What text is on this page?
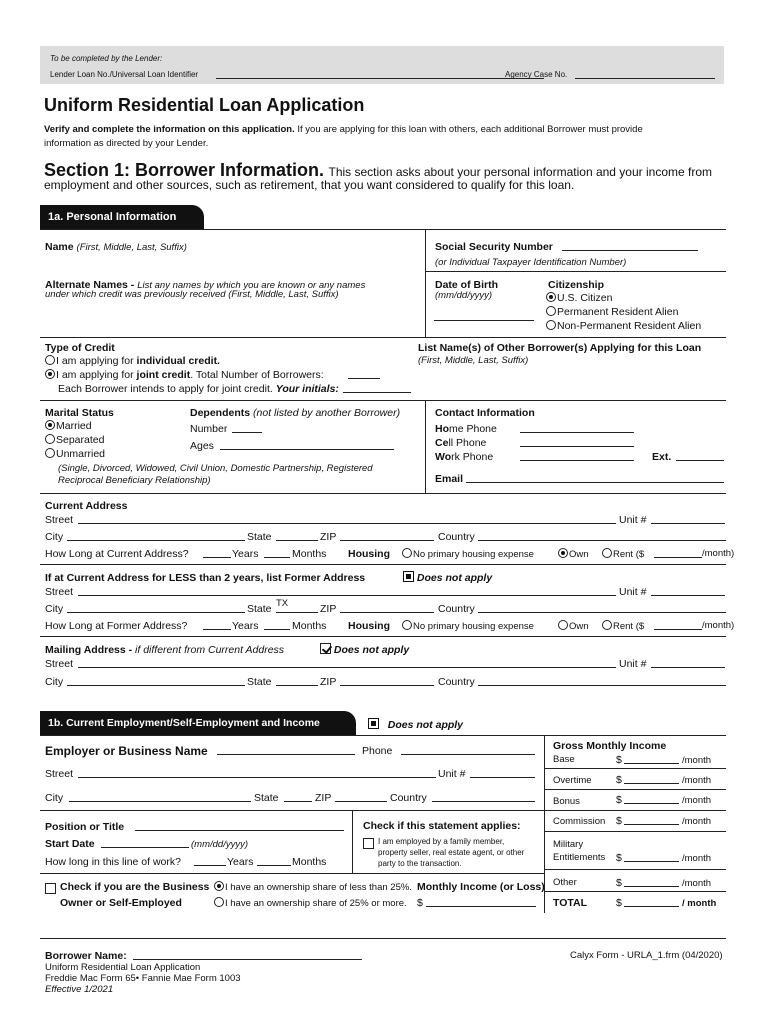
To be completed by the Lender:
Lender Loan No./Universal Loan Identifier	Agency Case No.
Uniform Residential Loan Application
Verify and complete the information on this application. If you are applying for this loan with others, each additional Borrower must provide
information as directed by your Lender.
Section 1: Borrower Information. This section asks about your personal information and your income from
employment and other sources, such as retirement, that you want considered to qualify for this loan.
1a. Personal Information
Name (First, Middle, Last, Suffix)	Social Security Number
(or Individual Taxpayer Identification Number)
Alternate Names - List any names by which you are known or any names
under which credit was previously received (First, Middle, Last, Suffix)
Date of Birth
(mm/dd/yyyy)
Citizenship
U.S. Citizen
Permanent Resident Alien
Non-Permanent Resident Alien
Type of Credit
I am applying for individual credit.
I am applying for joint credit. Total Number of Borrowers:
Each Borrower intends to apply for joint credit. Your initials:
List Name(s) of Other Borrower(s) Applying for this Loan
(First, Middle, Last, Suffix)
Marital Status
Married
Separated
Unmarried
(Single, Divorced, Widowed, Civil Union, Domestic Partnership, Registered
Reciprocal Beneficiary Relationship)
Dependents (not listed by another Borrower)
Number
Ages
Contact Information
Home Phone
Cell Phone
Work Phone	Ext.
Email
Current Address
Street	Unit #
City	State	ZIP	Country
How Long at Current Address?	Years	Months Housing	No primary housing expense	Own	Rent ($	/month)
If at Current Address for LESS than 2 years, list Former Address	Does not apply
Street	Unit #
City	State TX	ZIP	Country
How Long at Former Address?	Years	Months Housing	No primary housing expense	Own	Rent ($	/month)
Mailing Address - if different from Current Address	Does not apply
Street	Unit #
City	State	ZIP	Country
1b. Current Employment/Self-Employment and Income	Does not apply
Employer or Business Name	Phone
Street	Unit #
City	State	ZIP	Country
Position or Title
Start Date	(mm/dd/yyyy)
How long in this line of work?	Years	Months
Check if this statement applies:
I am employed by a family member,
property seller, real estate agent, or other
party to the transaction.
Check if you are the Business
Owner or Self-Employed
I have an ownership share of less than 25%. Monthly Income (or Loss)
I have an ownership share of 25% or more. $
Gross Monthly Income
Base	$	/month
Overtime $	/month
Bonus	$	/month
Commission $	/month
Military
Entitlements $	/month
Other	$	/month
TOTAL	$	/ month
Borrower Name:
Uniform Residential Loan Application
Freddie Mac Form 65• Fannie Mae Form 1003
Effective 1/2021
Calyx Form - URLA_1.frm (04/2020)
